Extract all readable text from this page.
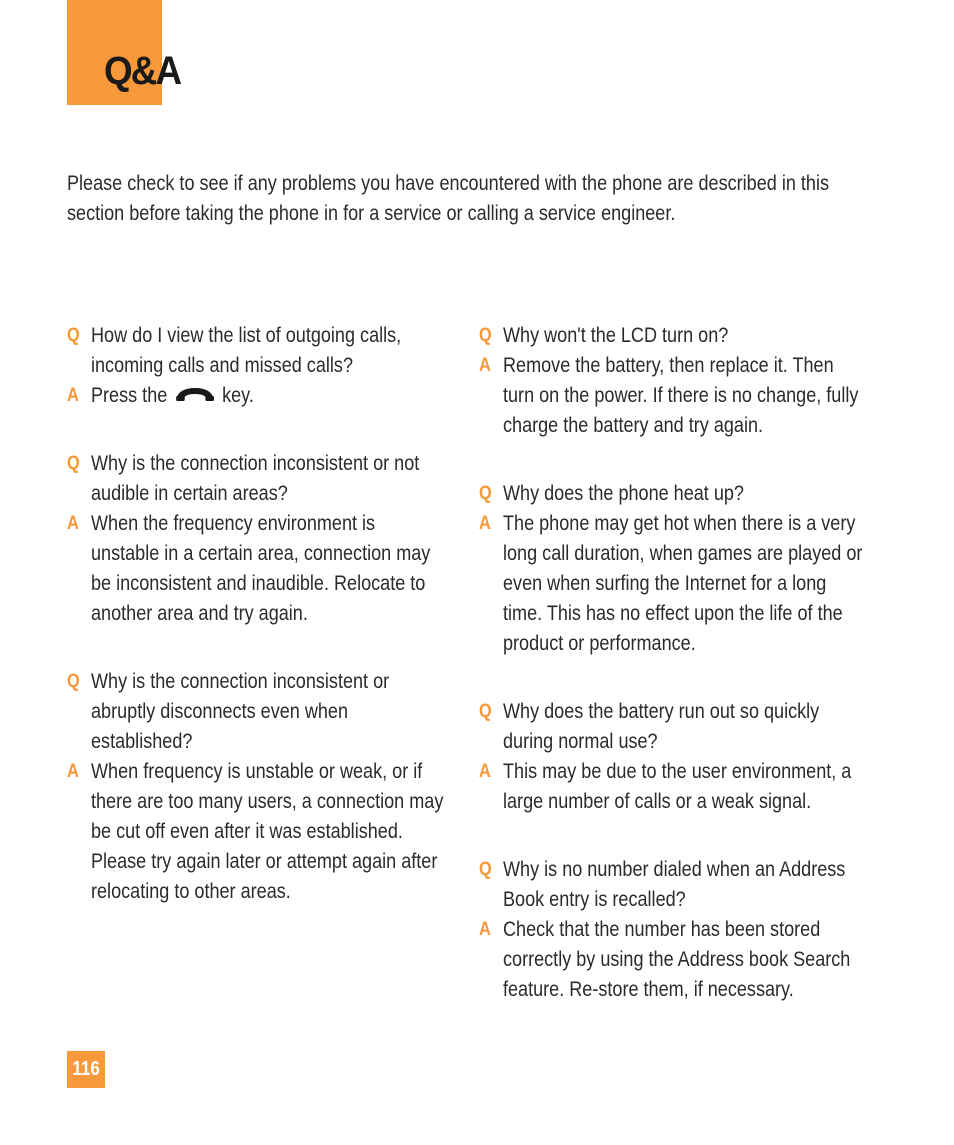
Q&A
Please check to see if any problems you have encountered with the phone are described in this section before taking the phone in for a service or calling a service engineer.
Q How do I view the list of outgoing calls, incoming calls and missed calls?
A Press the	key.
Q Why is the connection inconsistent or not audible in certain areas?
A When the frequency environment is unstable in a certain area, connection may be inconsistent and inaudible. Relocate to another area and try again.
Q Why is the connection inconsistent or abruptly disconnects even when established?
A When frequency is unstable or weak, or if there are too many users, a connection may be cut off even after it was established. Please try again later or attempt again after relocating to other areas.
Q Why won't the LCD turn on?
A Remove the battery, then replace it. Then turn on the power. If there is no change, fully charge the battery and try again.
Q Why does the phone heat up?
A The phone may get hot when there is a very long call duration, when games are played or even when surfing the Internet for a long time. This has no effect upon the life of the product or performance.
Q Why does the battery run out so quickly during normal use?
A This may be due to the user environment, a large number of calls or a weak signal.
Q Why is no number dialed when an Address Book entry is recalled?
A Check that the number has been stored correctly by using the Address book Search feature. Re-store them, if necessary.
116
